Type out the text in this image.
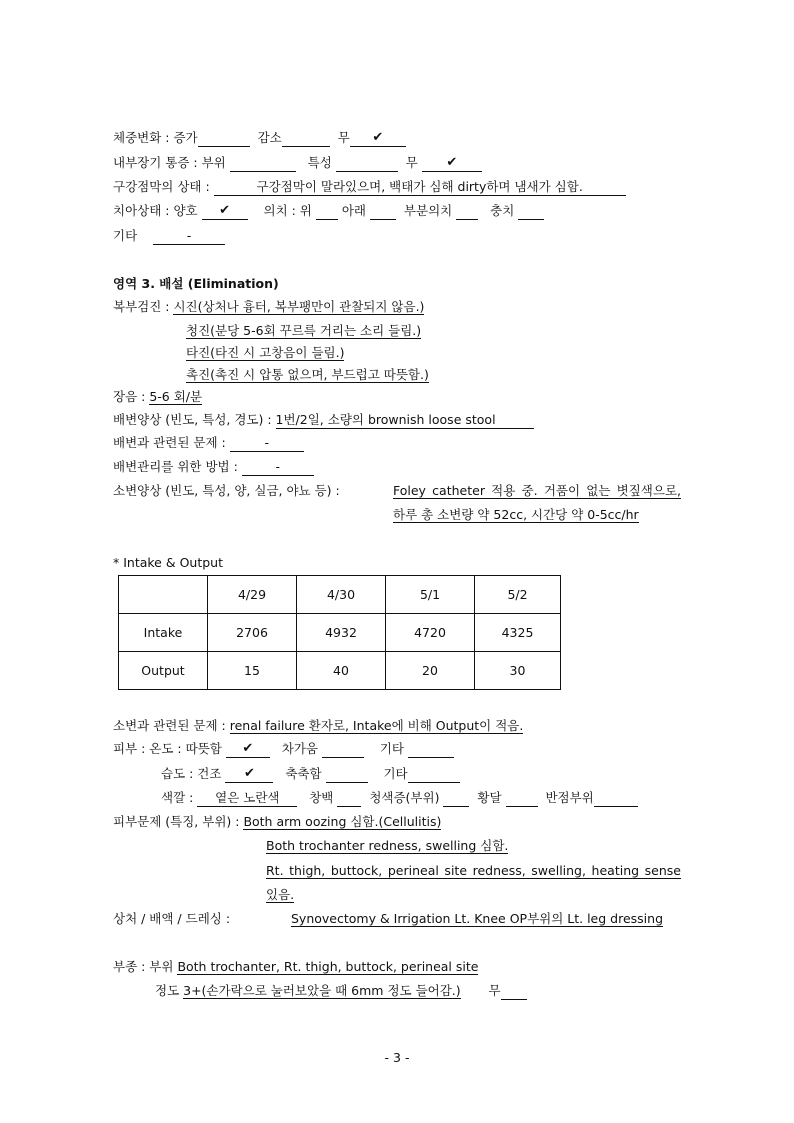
체중변화 : 증가	감소	무 ✔
내부장기 통증 : 부위	특성	무 ✔
구강점막의 상태 :	구강점막이 말라있으며, 백태가 심해 dirty하며 냄새가 심함.
치아상태 : 양호 ✔	의치 : 위  아래	부분의치	충치
기타	-
영역 3. 배설 (Elimination)
복부검진 : 시진(상처나 흉터, 복부팽만이 관찰되지 않음.)
청진(분당 5-6회 꾸르륵 거리는 소리 들림.)
타진(타진 시 고창음이 들림.)
촉진(촉진 시 압통 없으며, 부드럽고 따뜻함.)
장음 : 5-6 회/분
배변양상 (빈도, 특성, 경도) : 1번/2일, 소량의 brownish loose stool
배변과 관련된 문제 :	-
배변관리를 위한 방법 :	-
소변양상 (빈도, 특성, 양, 실금, 야뇨 등) :	Foley catheter 적용 중. 거품이 없는 볏짚색으로, 하루 총 소변량 약 52cc, 시간당 약 0-5cc/hr
* Intake & Output
	4/29	4/30	5/1	5/2
Intake	2706	4932	4720	4325
Output	15	40	20	30
소변과 관련된 문제 : renal failure 환자로, Intake에 비해 Output이 적음.
피부 : 온도 : 따뜻함 ✔ 차가움	기타
습도 : 건조 ✔ 축축함	기타
색깔 : 옅은 노란색 창백	청색증(부위)	황달	반점부위
피부문제 (특징, 부위) : Both arm oozing 심함.(Cellulitis)
Both trochanter redness, swelling 심함.
Rt. thigh, buttock, perineal site redness, swelling, heating sense 있음.
상처 / 배액 / 드레싱 :	Synovectomy & Irrigation Lt. Knee OP부위의 Lt. leg dressing
부종 : 부위 Both trochanter, Rt. thigh, buttock, perineal site
정도 3+(손가락으로 눌러보았을 때 6mm 정도 들어감.) 무
- 3 -
